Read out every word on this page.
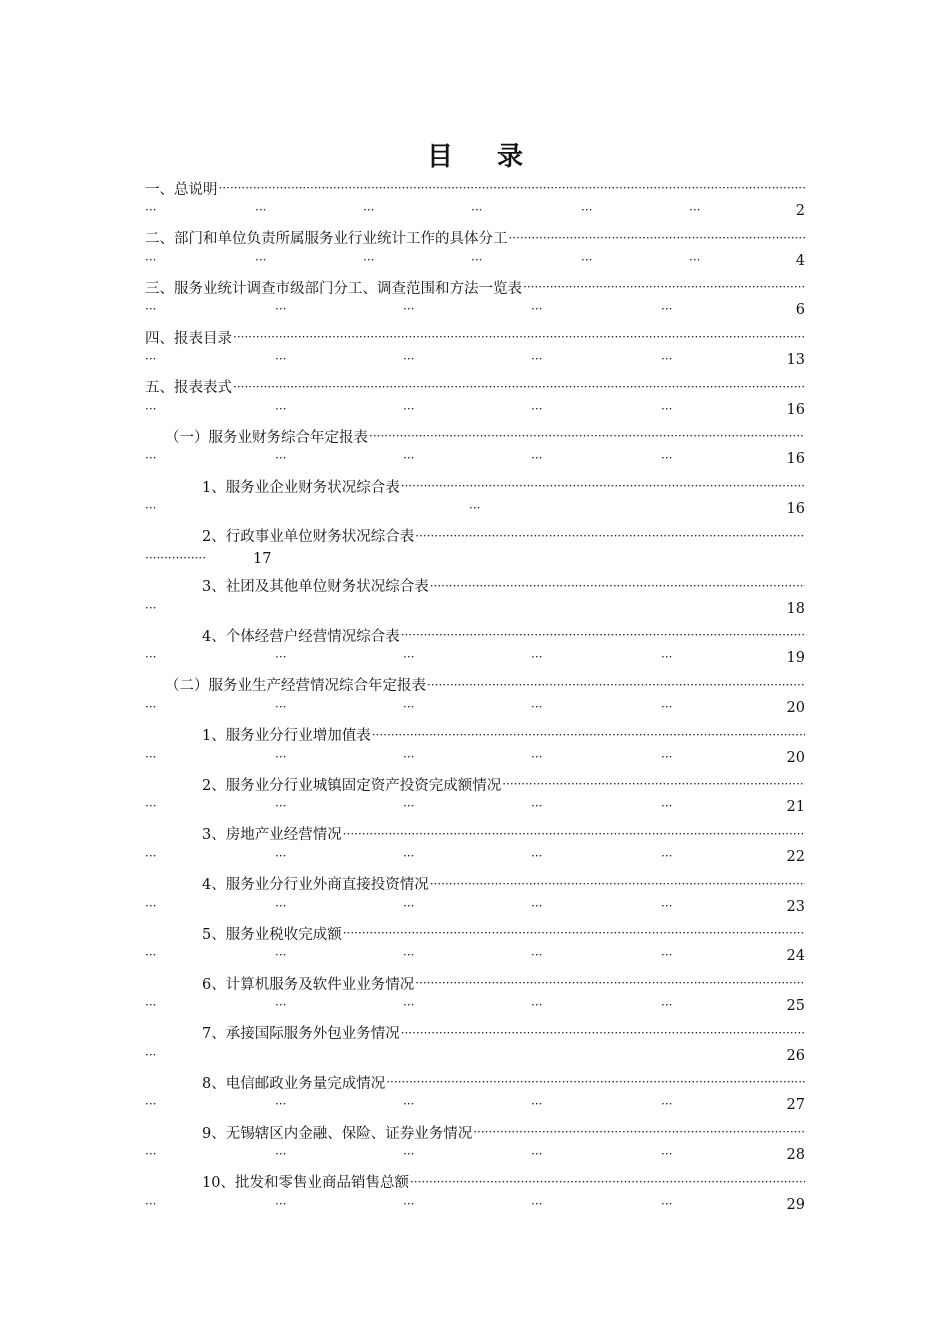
目 录
一、总说明
·····
···	···	···	···	···	···	2
二、部门和单位负责所属服务业行业统计工作的具体分工
·····
···	···	···	···	···	···	4
三、服务业统计调查市级部门分工、调查范围和方法一览表
·····
···	···	···	···	···	6
四、报表目录
·····
···	···	···	···	···	13
五、报表表式
·····
···	···	···	···	···	16
（一）服务业财务综合年定报表
·····
···	···	···	···	···	16
1、服务业企业财务状况综合表
·····
···	···	16
2、行政事业单位财务状况综合表
·····
················	17
3、社团及其他单位财务状况综合表
·····
···	18
4、个体经营户经营情况综合表
·····
···	···	···	···	···	19
（二）服务业生产经营情况综合年定报表
·····
···	···	···	···	···	20
1、服务业分行业增加值表
·····
···	···	···	···	···	20
2、服务业分行业城镇固定资产投资完成额情况
·····
···	···	···	···	···	21
3、房地产业经营情况
·····
···	···	···	···	···	22
4、服务业分行业外商直接投资情况
·····
···	···	···	···	···	23
5、服务业税收完成额
·····
···	···	···	···	···	24
6、计算机服务及软件业业务情况
·····
···	···	···	···	···	25
7、承接国际服务外包业务情况
·····
···	26
8、电信邮政业务量完成情况
·····
···	···	···	···	···	27
9、无锡辖区内金融、保险、证券业务情况
·····
···	···	···	···	···	28
10、批发和零售业商品销售总额
·····
···	···	···	···	···	29
